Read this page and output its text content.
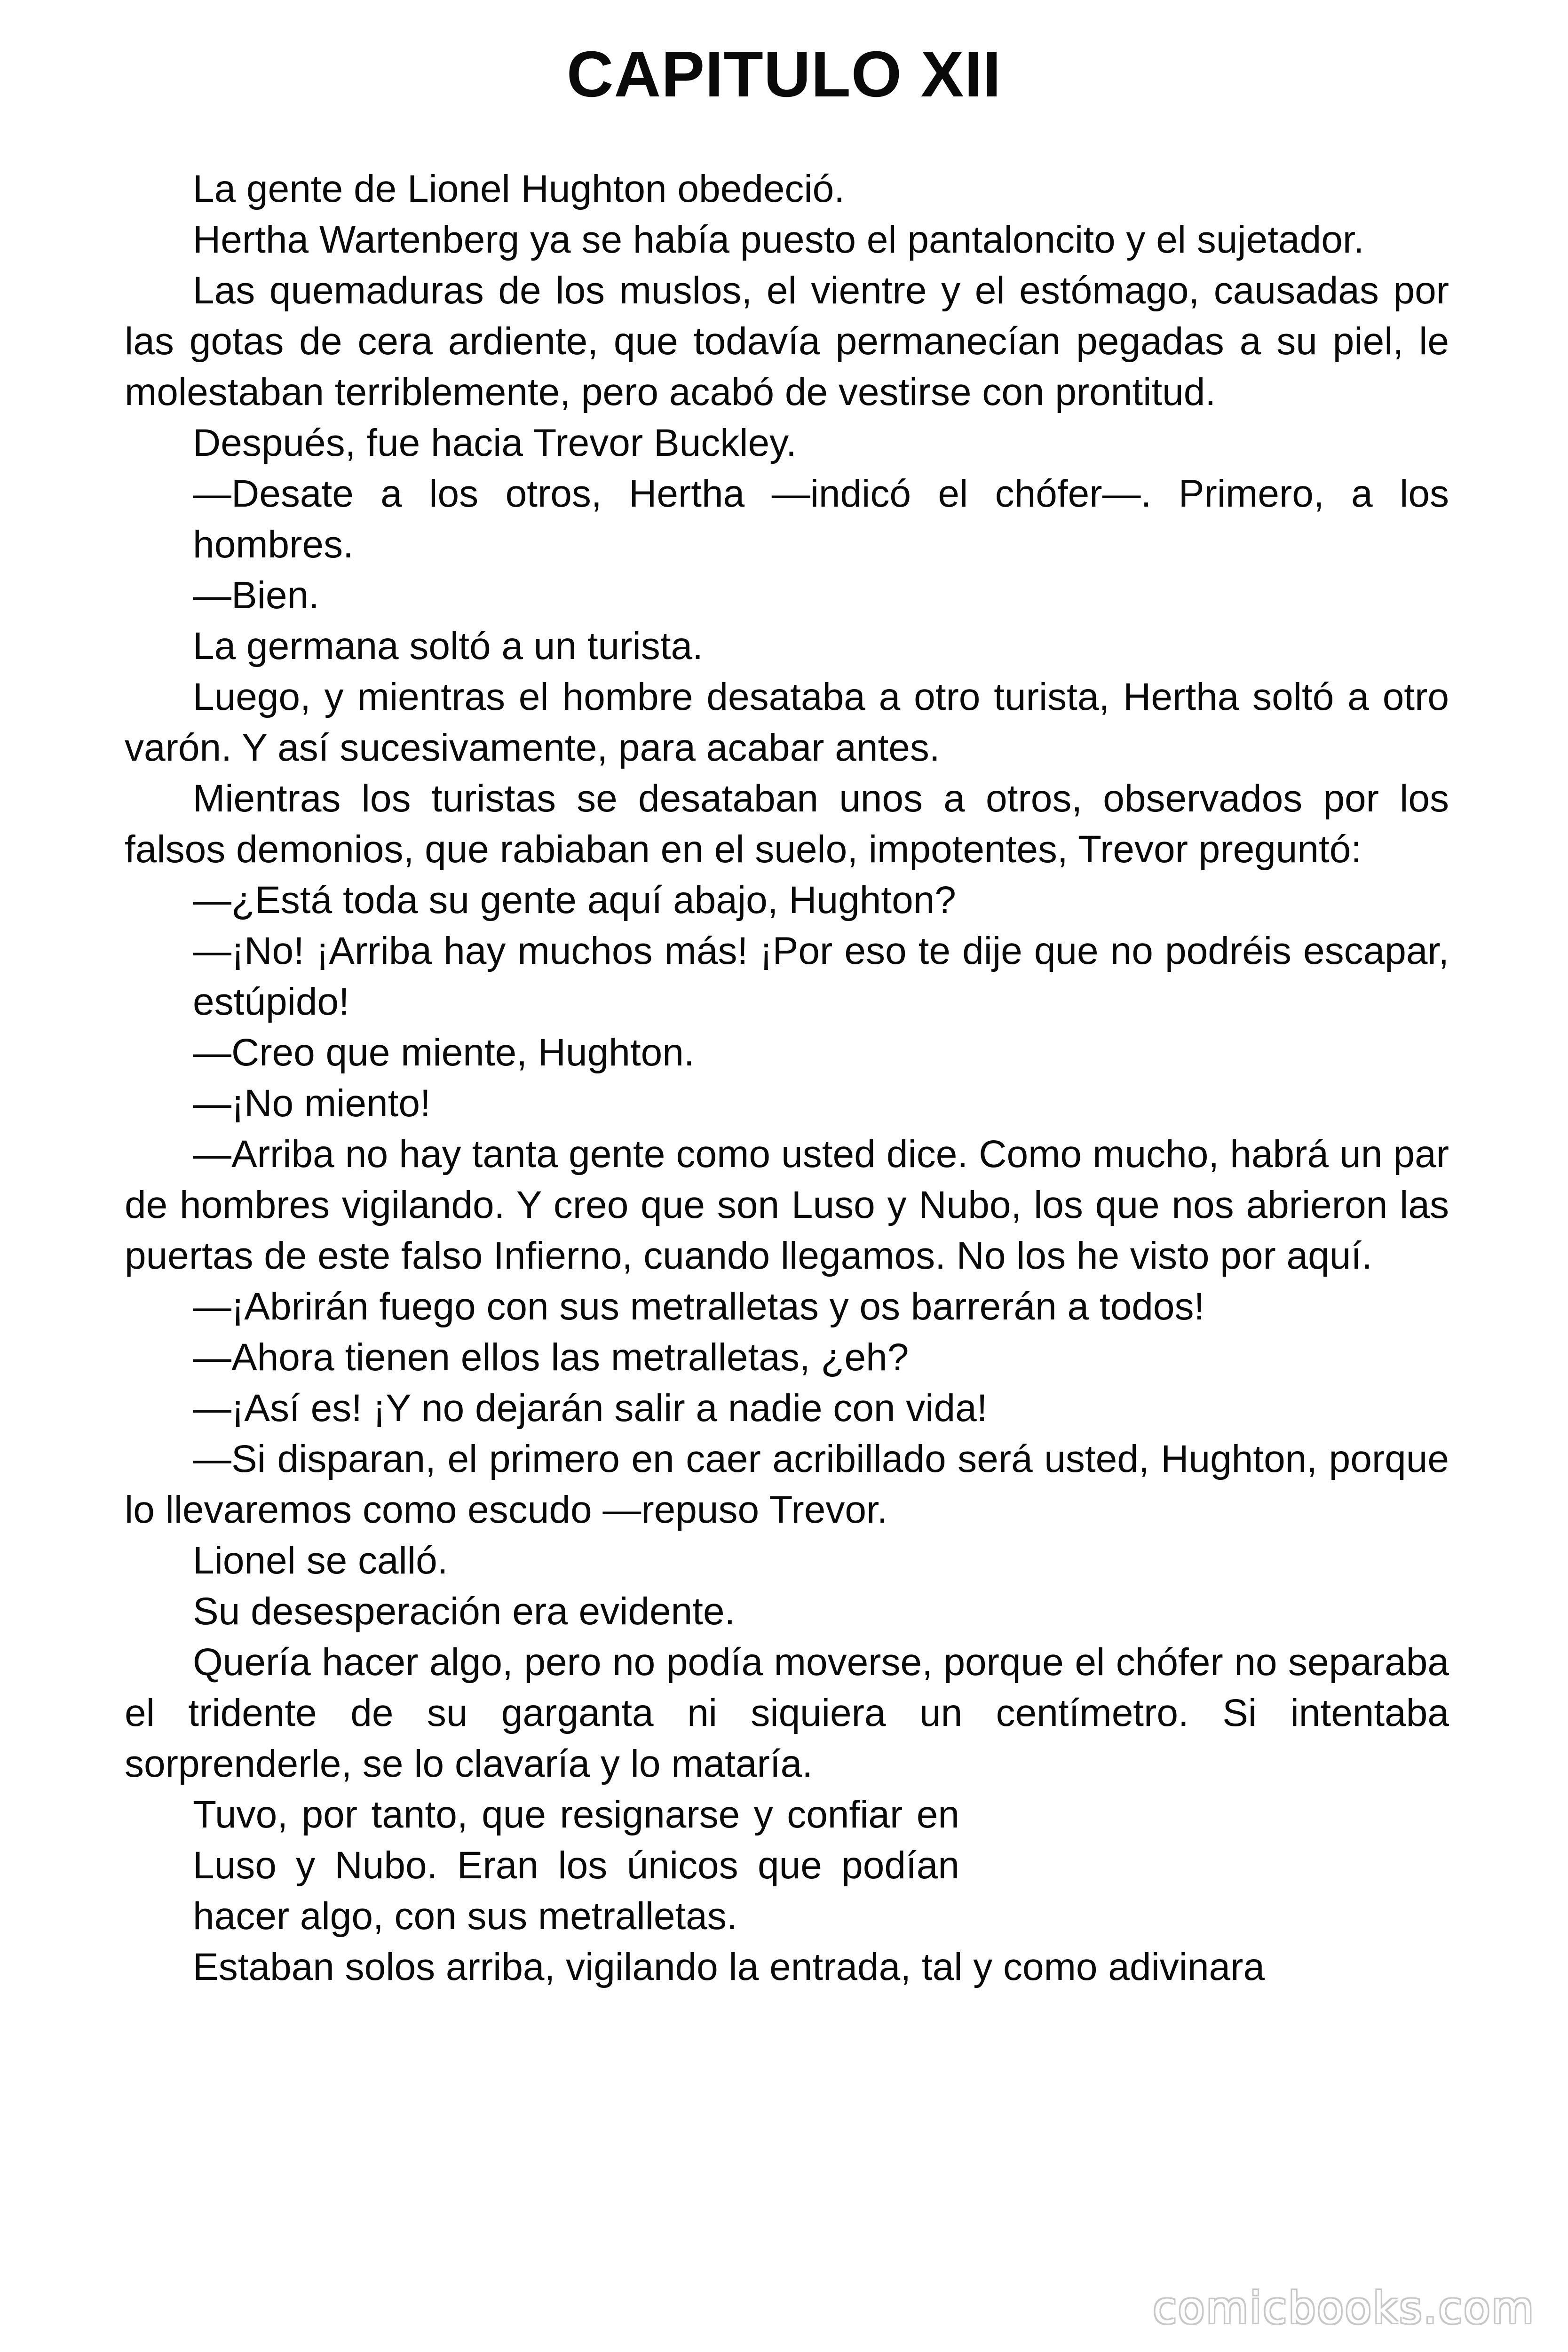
CAPITULO XII

La gente de Lionel Hughton obedeció.

Hertha Wartenberg ya se había puesto el pantaloncito y el sujetador.

Las quemaduras de los muslos, el vientre y el estómago, causadas por las gotas de cera ardiente, que todavía permanecían pegadas a su piel, le molestaban terriblemente, pero acabó de vestirse con prontitud.

Después, fue hacia Trevor Buckley.

—Desate a los otros, Hertha —indicó el chófer—. Primero, a los hombres.

—Bien.

La germana soltó a un turista.

Luego, y mientras el hombre desataba a otro turista, Hertha soltó a otro varón. Y así sucesivamente, para acabar antes.

Mientras los turistas se desataban unos a otros, observados por los falsos demonios, que rabiaban en el suelo, impotentes, Trevor preguntó:

—¿Está toda su gente aquí abajo, Hughton?

—¡No! ¡Arriba hay muchos más! ¡Por eso te dije que no podréis escapar, estúpido!

—Creo que miente, Hughton.

—¡No miento!

—Arriba no hay tanta gente como usted dice. Como mucho, habrá un par de hombres vigilando. Y creo que son Luso y Nubo, los que nos abrieron las puertas de este falso Infierno, cuando llegamos. No los he visto por aquí.

—¡Abrirán fuego con sus metralletas y os barrerán a todos!

—Ahora tienen ellos las metralletas, ¿eh?

—¡Así es! ¡Y no dejarán salir a nadie con vida!

—Si disparan, el primero en caer acribillado será usted, Hughton, porque lo llevaremos como escudo —repuso Trevor.

Lionel se calló.

Su desesperación era evidente.

Quería hacer algo, pero no podía moverse, porque el chófer no separaba el tridente de su garganta ni siquiera un centímetro. Si intentaba sorprenderle, se lo clavaría y lo mataría.

Tuvo, por tanto, que resignarse y confiar en Luso y Nubo. Eran los únicos que podían hacer algo, con sus metralletas.

Estaban solos arriba, vigilando la entrada, tal y como adivinara

comicbooks.com
